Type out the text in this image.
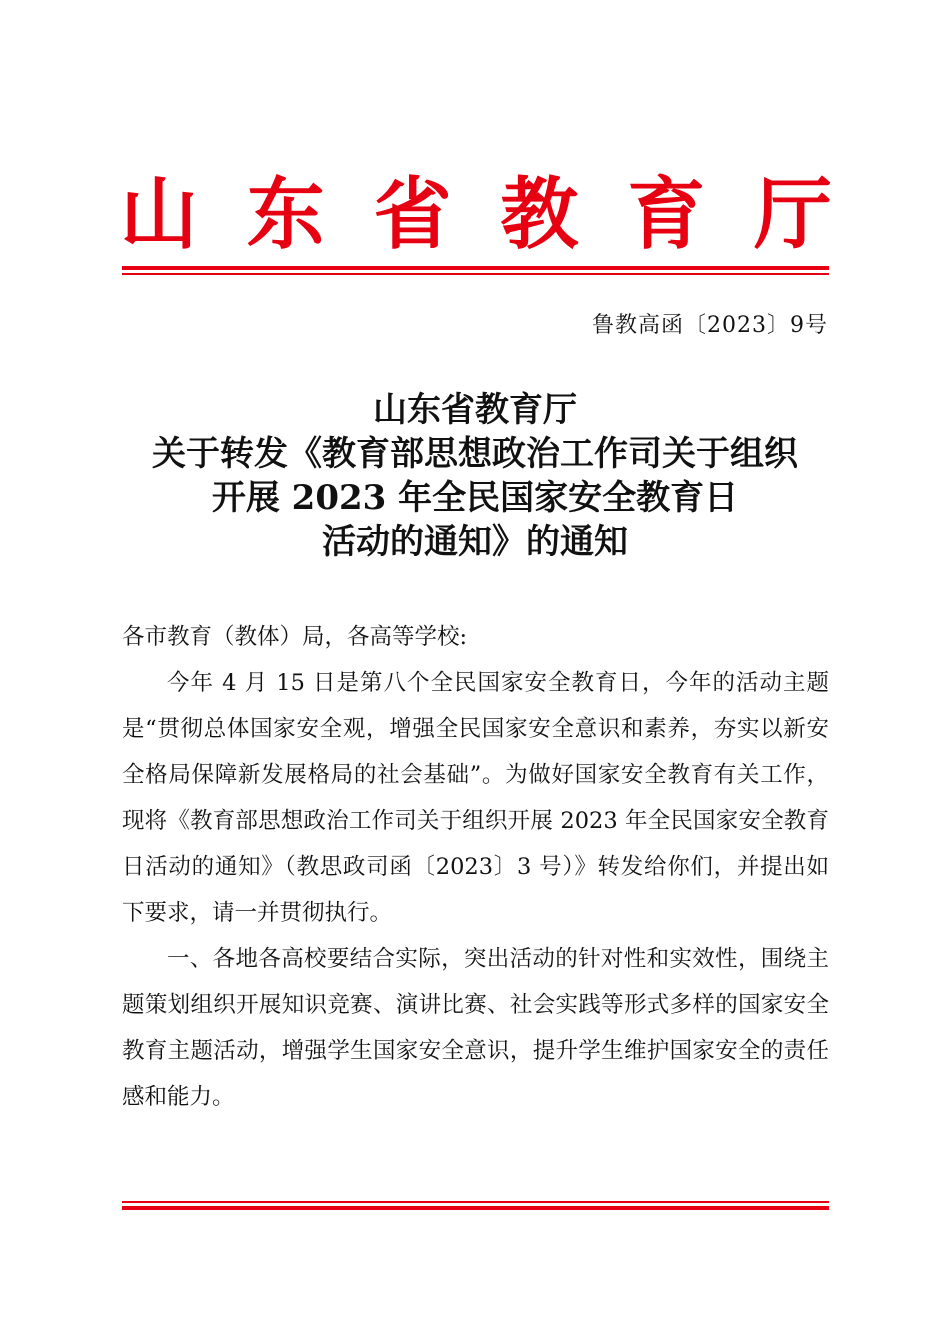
山 东 省 教 育 厅
鲁教高函〔2023〕9号
山东省教育厅
关于转发《教育部思想政治工作司关于组织
开展 2023 年全民国家安全教育日
活动的通知》的通知

各市教育（教体）局，各高等学校:

今年 4 月 15 日是第八个全民国家安全教育日，今年的活动主题是“贯彻总体国家安全观，增强全民国家安全意识和素养，夯实以新安全格局保障新发展格局的社会基础”。为做好国家安全教育有关工作，现将《教育部思想政治工作司关于组织开展 2023 年全民国家安全教育日活动的通知》（教思政司函〔2023〕3 号）》转发给你们，并提出如下要求，请一并贯彻执行。

一、各地各高校要结合实际，突出活动的针对性和实效性，围绕主题策划组织开展知识竞赛、演讲比赛、社会实践等形式多样的国家安全教育主题活动，增强学生国家安全意识，提升学生维护国家安全的责任感和能力。
